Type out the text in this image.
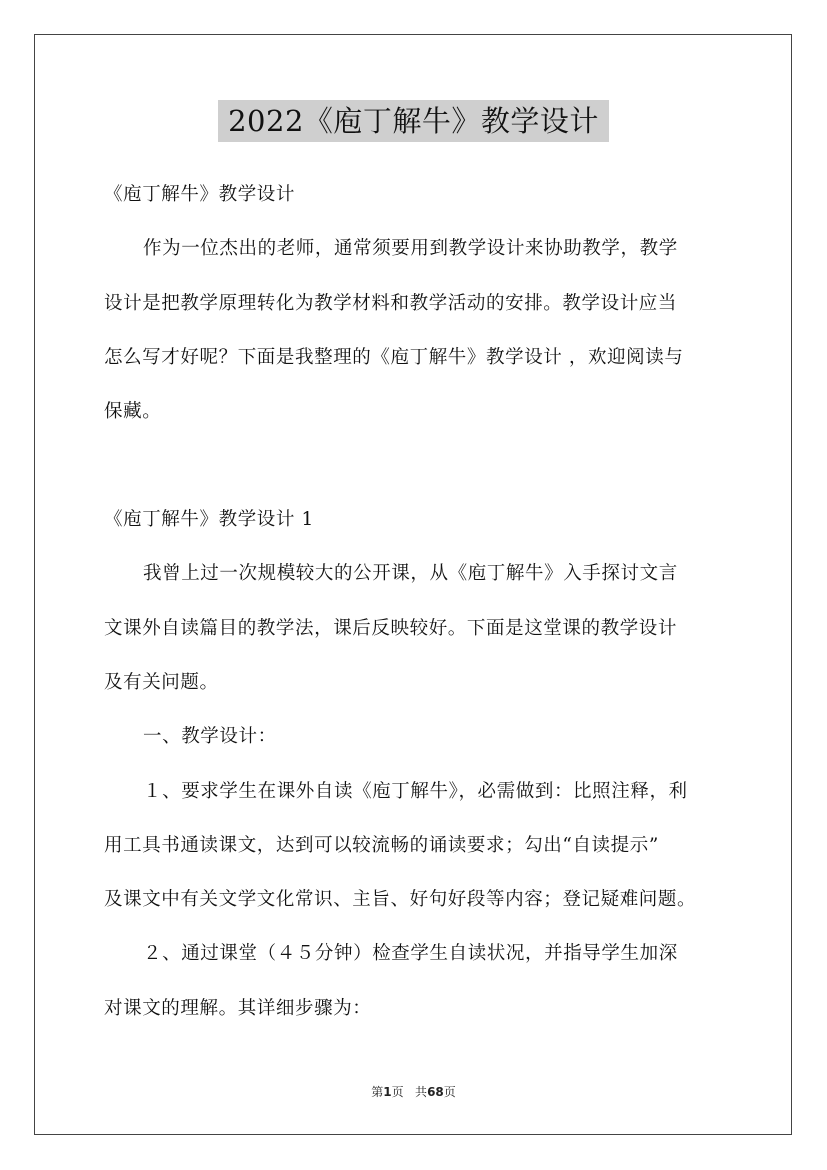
2022《庖丁解牛》教学设计
《庖丁解牛》教学设计
作为一位杰出的老师，通常须要用到教学设计来协助教学，教学
设计是把教学原理转化为教学材料和教学活动的安排。教学设计应当
怎么写才好呢？下面是我整理的《庖丁解牛》教学设计 ，欢迎阅读与
保藏。
《庖丁解牛》教学设计 1
我曾上过一次规模较大的公开课，从《庖丁解牛》入手探讨文言
文课外自读篇目的教学法，课后反映较好。下面是这堂课的教学设计
及有关问题。
一、教学设计：
１、要求学生在课外自读《庖丁解牛》，必需做到：比照注释，利
用工具书通读课文，达到可以较流畅的诵读要求；勾出“自读提示”
及课文中有关文学文化常识、主旨、好句好段等内容；登记疑难问题。
２、通过课堂（４５分钟）检查学生自读状况，并指导学生加深
对课文的理解。其详细步骤为：
第1页 共68页
